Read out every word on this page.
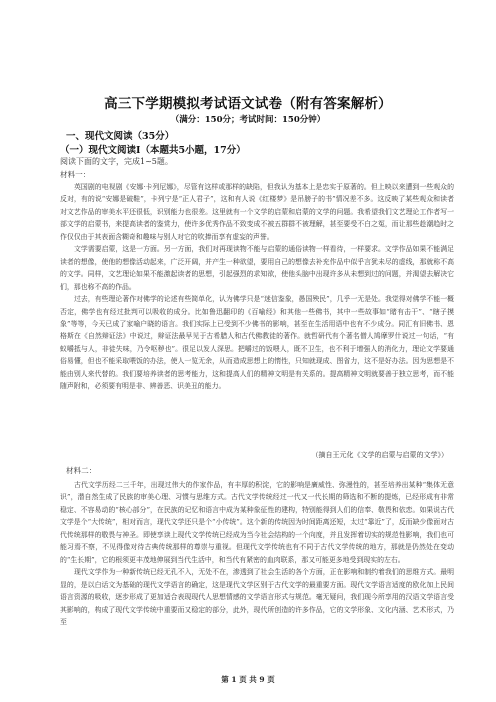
高三下学期模拟考试语文试卷（附有答案解析）
（满分：150分；考试时间：150分钟）
一、现代文阅读（35分）
（一）现代文阅读Ⅰ（本题共5小题，17分）
阅读下面的文字，完成1~5题。
材料一：

英国剧的电视剧《安娜·卡列尼娜》，尽管有这样或那样的缺陷，但我认为基本上是忠实于原著的。但上映以来遭到一些观众的反对，有的说“安娜是破鞋”，卡列宁是“正人君子”，这和有人说《红楼梦》是吊膀子的书”情况差不多。这反映了某些观众和读者对文艺作品的审美水平还很低，识别能力也很差。这里就有一个文学的启蒙和启蒙的文学的问题。我希望我们文艺理论工作者写一部文学的启蒙书，来提高读者的鉴赏力，使许多优秀作品不致变成不被五群群不被理解，甚至要受不白之冤，而让那些趁潮趋时之作仅仅由于其表面含糊奇和趣味与别人对它的吹捧而享有虚妄的声誉。

文学需要启蒙，这是一方面。另一方面，我们对再现读物不能与启蒙的通俗读物一样看待，一样要求。文学作品如果不能满足读者的想像，使他的想像活动起来，广泛开阔，并产生一种欲望，要用自己的想像去补充作品中似乎言犹未尽的虚线，那就称不高的文学。同样，文艺理论如果不能激起读者的思想，引起强烈的求知欲，使他头脑中出现许多从未想到过的问题，并渴望去解决它们，那也称不高的作品。

过去，有些理论著作对佛学的论述有些简单化，认为佛学只是“迷信鉴象，愚国殃民”，几乎一无是处。我觉得对佛学不能一概否定，佛学也有经过批判可以吸收的成分。比如鲁迅翻印的《百喻经》和其他一些佛书，其中一些故事如“睹有击干”、“瞎子摸象”等等，今天已成了家喻户晓的语言。我们实际上已受到不少佛书的影响，甚至在生活用语中也有不少成分。同汇有旧佛书、恩格斯在《自然辩证法》中说过，辩证法最早见于古希腊人和古代佛教徒的著作。就哲研代有个著名僧人鸠摩罗什说过一句话，“有蚁嚼抵与人，非徒失味，乃令呕秽也”。很足以发人深思。把嚼过的饭喂人，既不卫生，也不利于增强人的消化力，理论文学要通俗易懂，但也不能采取喂饭的办法，使人一览无余，从而造成思想上的惰性，只知就现成、图省力，这不是好办法。因为思想是不能由别人来代替的。我们要培养读者的思考能力，这和提高人们的精神文明是有关系的。提高精神文明就要善于独立思考，而不能随声附和，必须要有明是非、辨善恶、识美丑的能力。

（摘自王元化《文学的启蒙与启蒙的文学》）
材料二：

古代文学历经二三千年，出现过伟大的作家作品，有丰厚的积淀，它的影响是廣威性、弥漫性的，甚至培养出某种“集体无意识”，潜自然生成了民族的审美心理、习惯与思维方式。古代文学传统经过一代又一代长期的筛选和不断的提炼，已经形成有非常稳定、不容易动的“核心部分”，在民族的记忆和语言中成为某种象征性的建构，特别能得到人们的信奉、敬畏和依恋。如果说古代文学是个“大传统”，相对而言，现代文学还只是个“小传统”。这个新的传统因为时间距离还短，太过“靠近”了，反而缺少像面对古代传统那样的敬畏与神圣。即使享读上现代文学传统已经成为当今社会结构的一个向度，并且发挥着切实的规范性影响，我们也可能习焉不察，不见得像对待古典传统那样的尊崇与重视。但现代文学传统也有不同于古代文学传统的地方，那就是仍然处在变动的“生长期”，它的根须更丰茂地伸展到当代生活中，和当代有紧密的血肉联系，那又可能更多地受到现实的左右。

现代文学作为一种新传统已经无孔不入，无处不在，渗透到了社会生活的各个方面，正在影响和制约着我们的思维方式。最明显的，是以白话文为基础的现代文学语言的确定，这是现代文学区别于古代文学的最重要方面。现代文学语言适度的欧化加上民间语言资源的吸收，逐步形成了更加适合表现现代人思想情感的文学语言形式与规范。毫无疑问，我们现今所享用的汉语文学语言受其影响的，构成了现代文学传统中重要而又稳定的部分，此外，现代所创造的许多作品，它的文学形象、文化内涵、艺术形式，乃至

第 1 页 共 9 页
